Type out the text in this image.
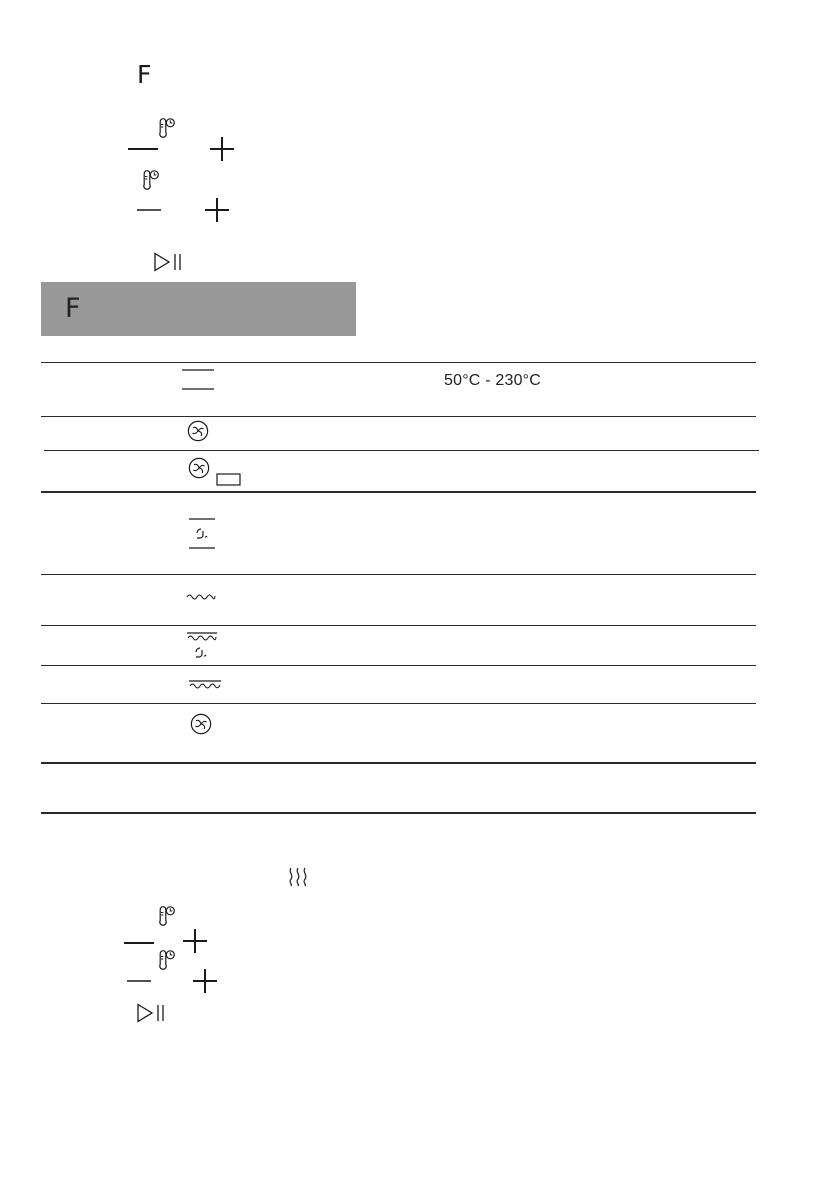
F
F
50°C - 230°C
